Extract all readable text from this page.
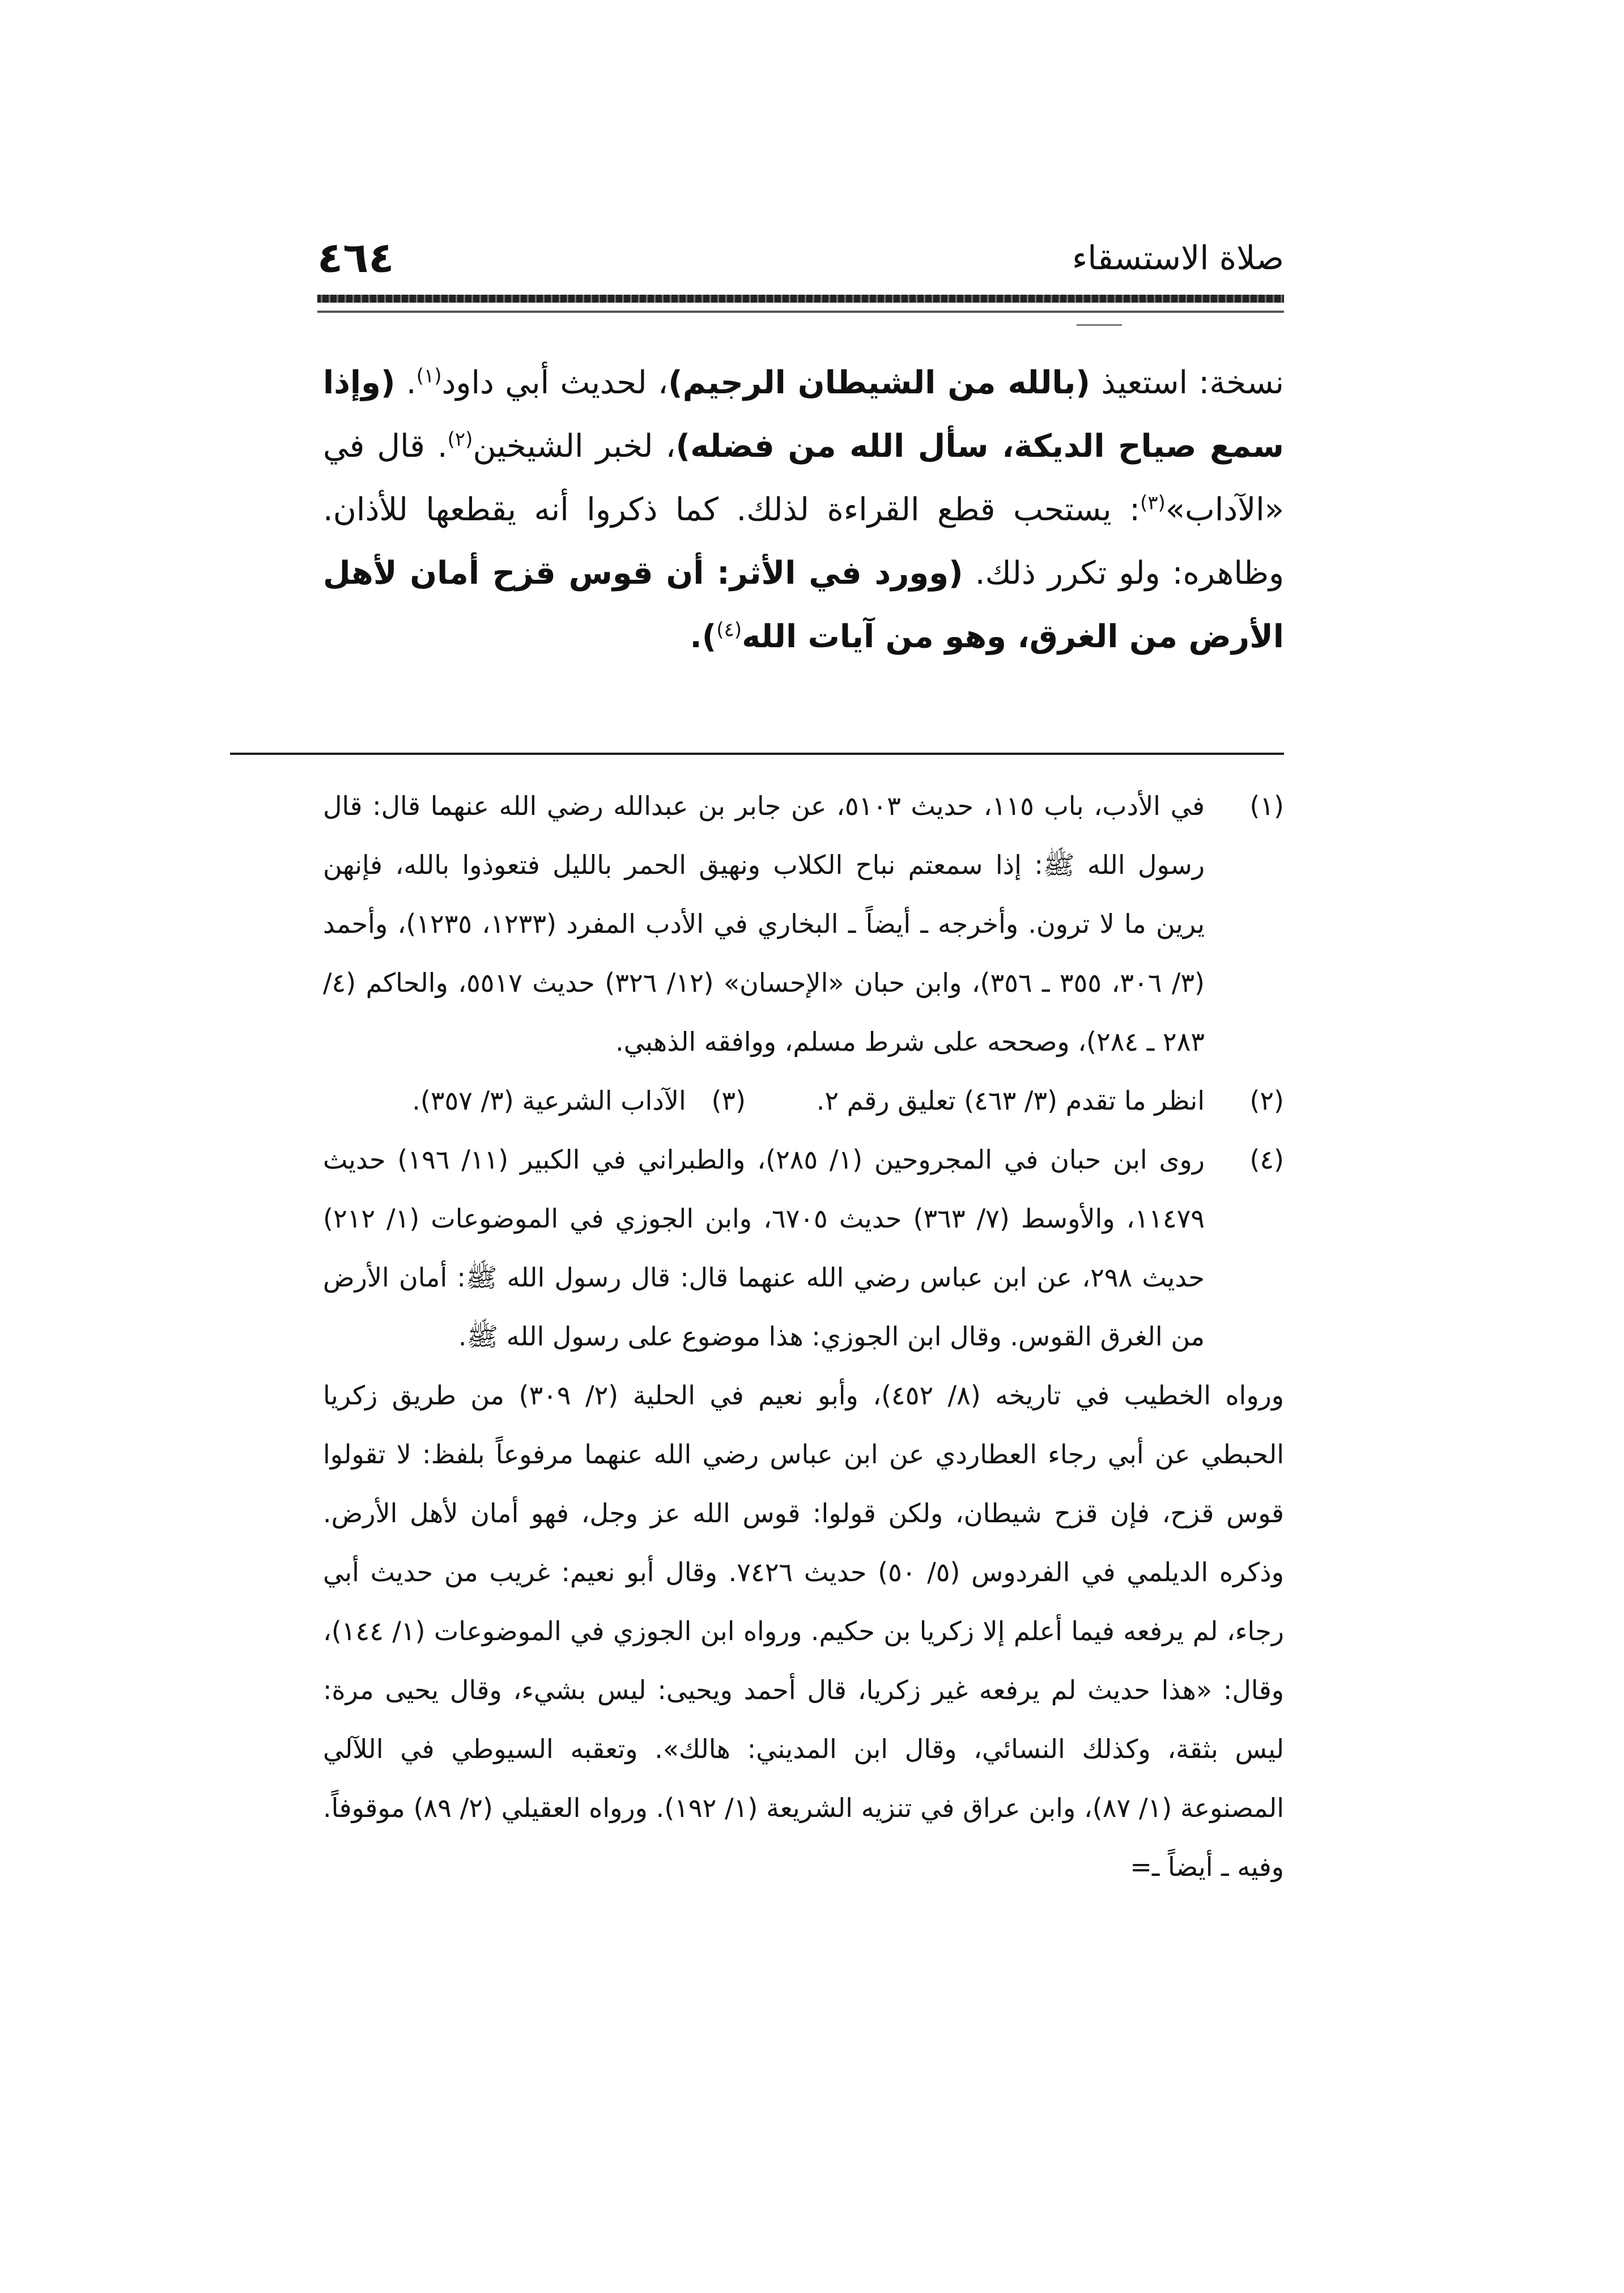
٤٦٤	صلاة الاستسقاء
نسخة: استعيذ (بالله من الشيطان الرجيم)، لحديث أبي داود$^{(١)}$. (وإذا سمع صياح الديكة، سأل الله من فضله)، لخبر الشيخين$^{(٢)}$. قال في «الآداب»$^{(٣)}$: يستحب قطع القراءة لذلك. كما ذكروا أنه يقطعها للأذان. وظاهره: ولو تكرر ذلك. (وورد في الأثر: أن قوس قزح أمان لأهل الأرض من الغرق، وهو من آيات الله$^{(٤)}$).
(١)
في الأدب، باب ١١٥، حديث ٥١٠٣، عن جابر بن عبدالله رضي الله عنهما قال: قال رسول الله ﷺ: إذا سمعتم نباح الكلاب ونهيق الحمر بالليل فتعوذوا بالله، فإنهن يرين ما لا ترون. وأخرجه ـ أيضاً ـ البخاري في الأدب المفرد (١٢٣٣، ١٢٣٥)، وأحمد (٣/ ٣٠٦، ٣٥٥ ـ ٣٥٦)، وابن حبان «الإحسان» (١٢/ ٣٢٦) حديث ٥٥١٧، والحاكم (٤/ ٢٨٣ ـ ٢٨٤)، وصححه على شرط مسلم، ووافقه الذهبي.
(٢)
انظر ما تقدم (٣/ ٤٦٣) تعليق رقم ٢. (٣) الآداب الشرعية (٣/ ٣٥٧).
(٤)
روى ابن حبان في المجروحين (١/ ٢٨٥)، والطبراني في الكبير (١١/ ١٩٦) حديث ١١٤٧٩، والأوسط (٧/ ٣٦٣) حديث ٦٧٠٥، وابن الجوزي في الموضوعات (١/ ٢١٢) حديث ٢٩٨، عن ابن عباس رضي الله عنهما قال: قال رسول الله ﷺ: أمان الأرض من الغرق القوس. وقال ابن الجوزي: هذا موضوع على رسول الله ﷺ.
ورواه الخطيب في تاريخه (٨/ ٤٥٢)، وأبو نعيم في الحلية (٢/ ٣٠٩) من طريق زكريا الحبطي عن أبي رجاء العطاردي عن ابن عباس رضي الله عنهما مرفوعاً بلفظ: لا تقولوا قوس قزح، فإن قزح شيطان، ولكن قولوا: قوس الله عز وجل، فهو أمان لأهل الأرض. وذكره الديلمي في الفردوس (٥/ ٥٠) حديث ٧٤٢٦. وقال أبو نعيم: غريب من حديث أبي رجاء، لم يرفعه فيما أعلم إلا زكريا بن حكيم. ورواه ابن الجوزي في الموضوعات (١/ ١٤٤)، وقال: «هذا حديث لم يرفعه غير زكريا، قال أحمد ويحيى: ليس بشيء، وقال يحيى مرة: ليس بثقة، وكذلك النسائي، وقال ابن المديني: هالك». وتعقبه السيوطي في اللآلي المصنوعة (١/ ٨٧)، وابن عراق في تنزيه الشريعة (١/ ١٩٢). ورواه العقيلي (٢/ ٨٩) موقوفاً. وفيه ـ أيضاً ـ=
